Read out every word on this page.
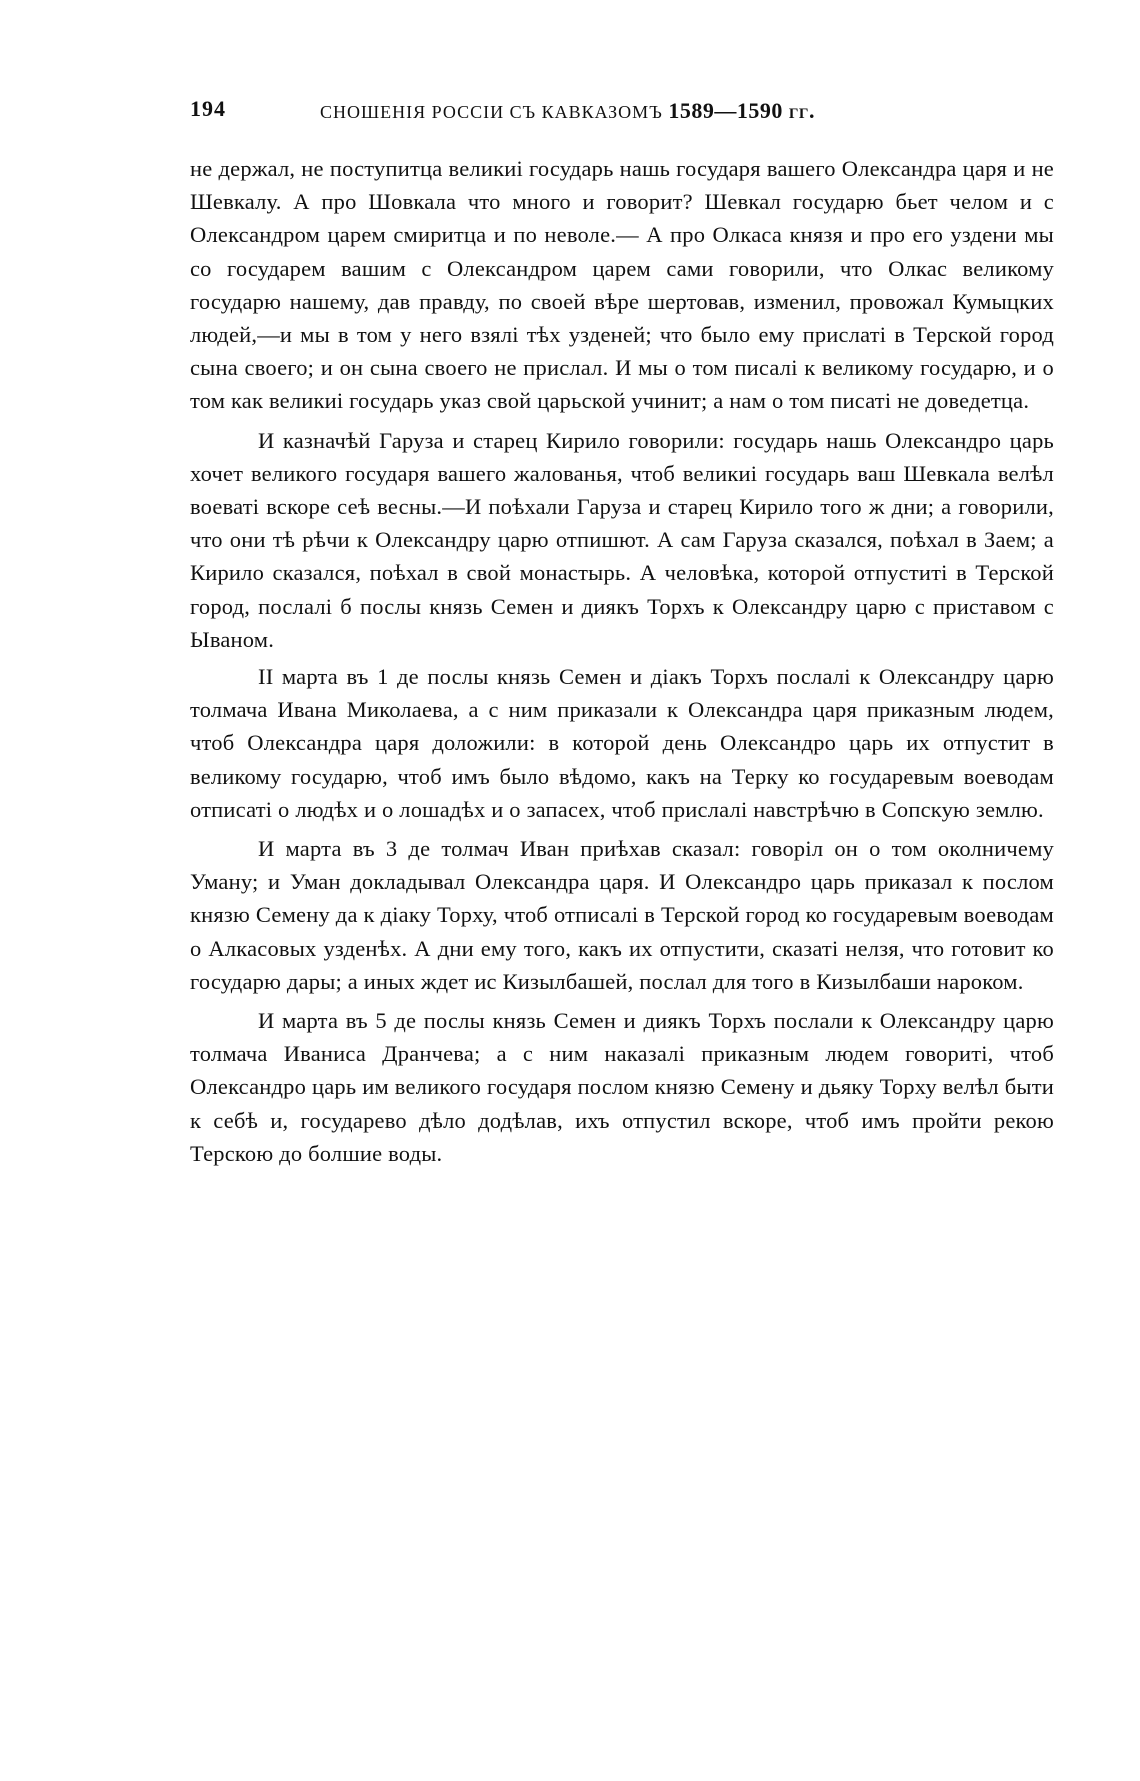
194	СНОШЕНІЯ РОССІИ СЪ КАВКАЗОМЪ 1589—1590 гг.

не держал, не поступитца великиі государь нашь государя вашего Олександра царя и не Шевкалу. А про Шовкала что много и говорит? Шевкал государю бьет челом и с Олександром царем смиритца и по неволе.— А про Олкаса князя и про его уздени мы со государем вашим с Олександром царем сами говорили, что Олкас великому государю нашему, дав правду, по своей вѣре шертовав, изменил, провожал Кумыцких людей,—и мы в том у него взялі тѣх узденей; что было ему прислаті в Терской город сына своего; и он сына своего не прислал. И мы о том писалі к великому государю, и о том как великиі государь указ свой царьской учинит; а нам о том писаті не доведетца.

И казначѣй Гаруза и старец Кирило говорили: государь нашь Олександро царь хочет великого государя вашего жалованья, чтоб великиі государь ваш Шевкала велѣл воеваті вскоре сеѣ весны.—И поѣхали Гаруза и старец Кирило того ж дни; а говорили, что они тѣ рѣчи к Олександру царю отпишют. А сам Гаруза сказался, поѣхал в Заем; а Кирило сказался, поѣхал в свой монастырь. А человѣка, которой отпуститі в Терской город, послалі б послы князь Семен и диякъ Торхъ к Олександру царю с приставом с Ываном.

II марта въ 1 де послы князь Семен и діакъ Торхъ послалі к Олександру царю толмача Ивана Миколаева, а с ним приказали к Олександра царя приказным людем, чтоб Олександра царя доложили: в которой день Олександро царь их отпустит в великому государю, чтоб имъ было вѣдомо, какъ на Терку ко государевым воеводам отписаті о людѣх и о лошадѣх и о запасех, чтоб прислалі навстрѣчю в Сопскую землю.

И марта въ 3 де толмач Иван приѣхав сказал: говоріл он о том околничему Уману; и Уман докладывал Олександра царя. И Олександро царь приказал к послом князю Семену да к діаку Торху, чтоб отписалі в Терской город ко государевым воеводам о Алкасовых узденѣх. А дни ему того, какъ их отпустити, сказаті нелзя, что готовит ко государю дары; а иных ждет ис Кизылбашей, послал для того в Кизылбаши нароком.

И марта въ 5 де послы князь Семен и диякъ Торхъ послали к Олександру царю толмача Иваниса Дранчева; а с ним наказалі приказным людем говориті, чтоб Олександро царь им великого государя послом князю Семену и дьяку Торху велѣл быти к себѣ и, государево дѣло додѣлав, ихъ отпустил вскоре, чтоб имъ пройти рекою Терскою до болшие воды.
